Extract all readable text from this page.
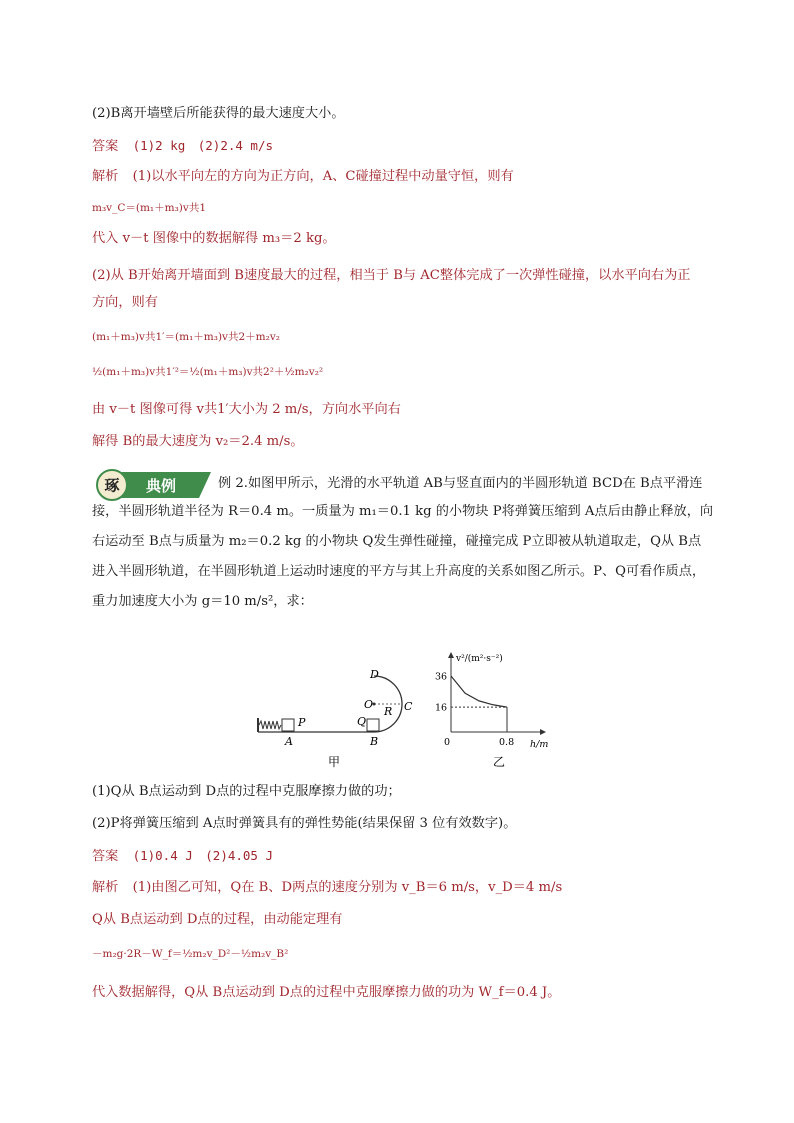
(2)B离开墙壁后所能获得的最大速度大小。
答案 (1)2 kg　(2)2.4 m/s
解析 (1)以水平向左的方向为正方向，A、C碰撞过程中动量守恒，则有
m₃v_C＝(m₁＋m₃)v共1
代入 v－t 图像中的数据解得 m₃＝2 kg。
(2)从 B开始离开墙面到 B速度最大的过程，相当于 B与 AC整体完成了一次弹性碰撞，以水平向右为正
方向，则有
(m₁＋m₃)v共1′＝(m₁＋m₃)v共2＋m₂v₂
½(m₁＋m₃)v共1′²＝½(m₁＋m₃)v共2²＋½m₂v₂²
由 v－t 图像可得 v共1′大小为 2 m/s，方向水平向右
解得 B的最大速度为 v₂＝2.4 m/s。
琢 典例	例 2.如图甲所示，光滑的水平轨道 AB与竖直面内的半圆形轨道 BCD在 B点平滑连
接，半圆形轨道半径为 R＝0.4 m。一质量为 m₁＝0.1 kg 的小物块 P将弹簧压缩到 A点后由静止释放，向
右运动至 B点与质量为 m₂＝0.2 kg 的小物块 Q发生弹性碰撞，碰撞完成 P立即被从轨道取走，Q从 B点
进入半圆形轨道，在半圆形轨道上运动时速度的平方与其上升高度的关系如图乙所示。P、Q可看作质点，
重力加速度大小为 g＝10 m/s²，求：
D
C
O
R
P	Q
A	B
甲
v²/(m²·s⁻²)
h/m
0
36
16
0.8
乙
(1)Q从 B点运动到 D点的过程中克服摩擦力做的功；
(2)P将弹簧压缩到 A点时弹簧具有的弹性势能(结果保留 3 位有效数字)。
答案 (1)0.4 J　(2)4.05 J
解析 (1)由图乙可知，Q在 B、D两点的速度分别为 v_B＝6 m/s，v_D＝4 m/s
Q从 B点运动到 D点的过程，由动能定理有
－m₂g·2R－W_f＝½m₂v_D²－½m₂v_B²
代入数据解得，Q从 B点运动到 D点的过程中克服摩擦力做的功为 W_f＝0.4 J。
